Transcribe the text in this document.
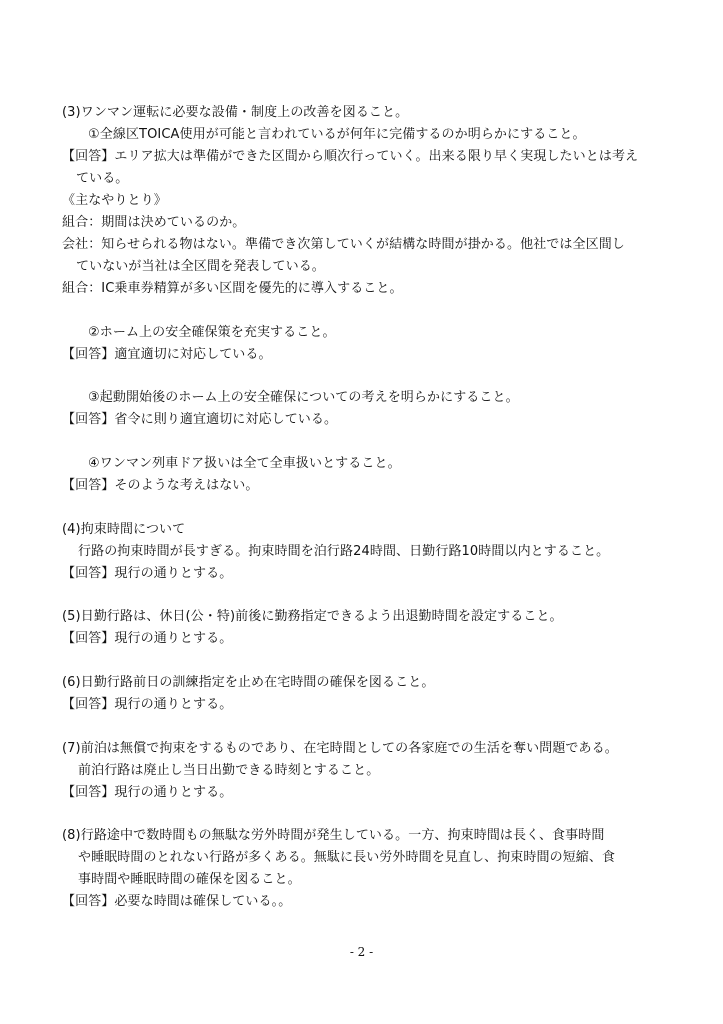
(3)ワンマン運転に必要な設備・制度上の改善を図ること。
①全線区TOICA使用が可能と言われているが何年に完備するのか明らかにすること。
【回答】エリア拡大は準備ができた区間から順次行っていく。出来る限り早く実現したいとは考え
ている。
《主なやりとり》
組合：期間は決めているのか。
会社：知らせられる物はない。準備でき次第していくが結構な時間が掛かる。他社では全区間し
ていないが当社は全区間を発表している。
組合：IC乗車券精算が多い区間を優先的に導入すること。
②ホーム上の安全確保策を充実すること。
【回答】適宜適切に対応している。
③起動開始後のホーム上の安全確保についての考えを明らかにすること。
【回答】省令に則り適宜適切に対応している。
④ワンマン列車ドア扱いは全て全車扱いとすること。
【回答】そのような考えはない。
(4)拘束時間について
行路の拘束時間が長すぎる。拘束時間を泊行路24時間、日勤行路10時間以内とすること。
【回答】現行の通りとする。
(5)日勤行路は、休日(公・特)前後に勤務指定できるよう出退勤時間を設定すること。
【回答】現行の通りとする。
(6)日勤行路前日の訓練指定を止め在宅時間の確保を図ること。
【回答】現行の通りとする。
(7)前泊は無償で拘束をするものであり、在宅時間としての各家庭での生活を奪い問題である。
前泊行路は廃止し当日出勤できる時刻とすること。
【回答】現行の通りとする。
(8)行路途中で数時間もの無駄な労外時間が発生している。一方、拘束時間は長く、食事時間
や睡眠時間のとれない行路が多くある。無駄に長い労外時間を見直し、拘束時間の短縮、食
事時間や睡眠時間の確保を図ること。
【回答】必要な時間は確保している。。
- 2 -
